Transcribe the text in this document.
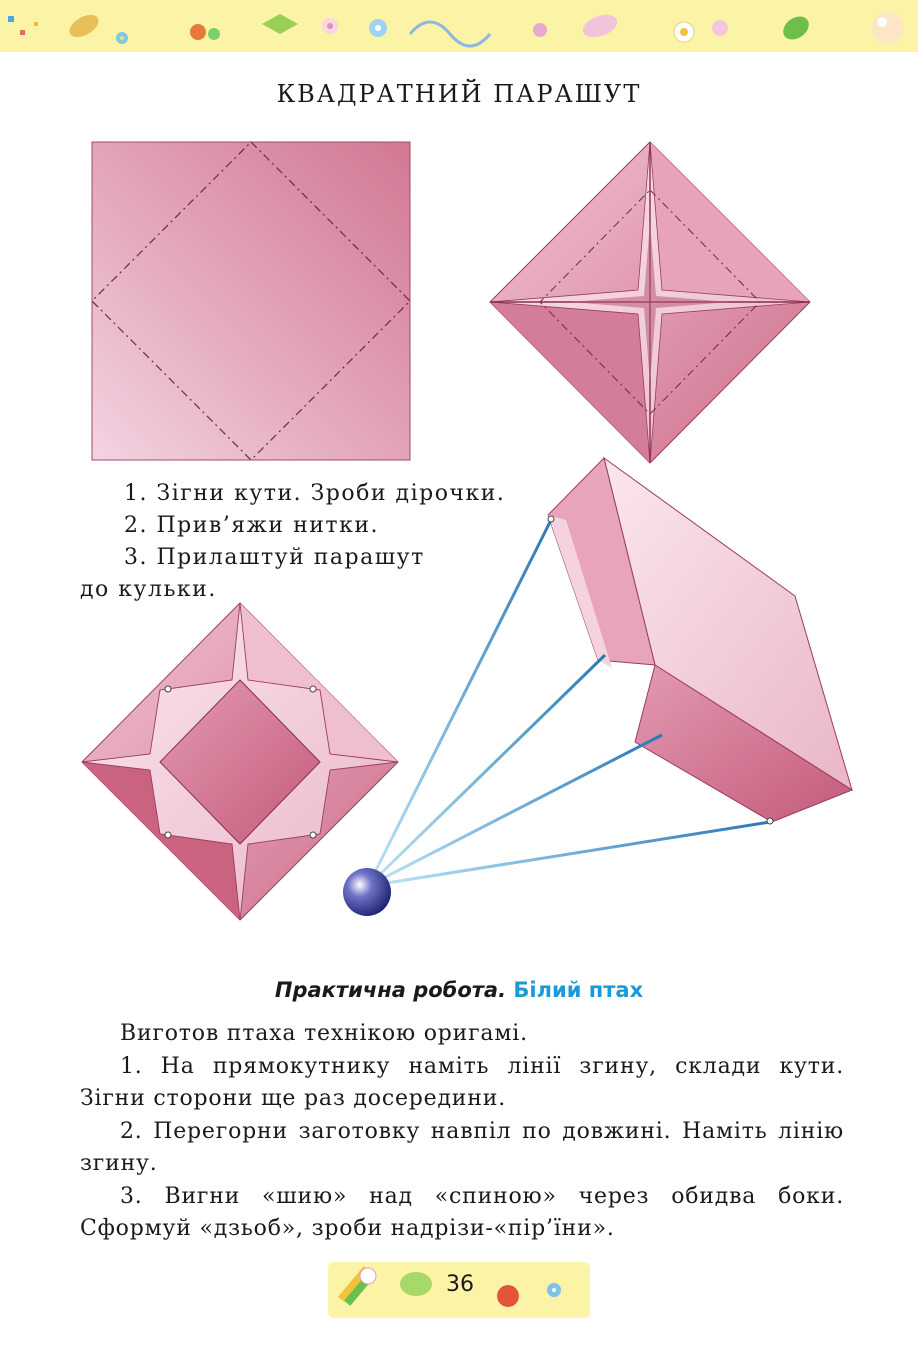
КВАДРАТНИЙ ПАРАШУТ
1. Зігни кути. Зроби дірочки.
2. Прив’яжи нитки.
3. Прилаштуй парашут
до кульки.
Практична робота. Білий птах

Виготов птаха технікою оригамі.

1. На прямокутнику наміть лінії згину, склади кути. Зігни сторони ще раз досередини.

2. Перегорни заготовку навпіл по довжині. Наміть лінію згину.

3. Вигни «шию» над «спиною» через обидва боки. Сформуй «дзьоб», зроби надрізи-«пір’їни».

36
